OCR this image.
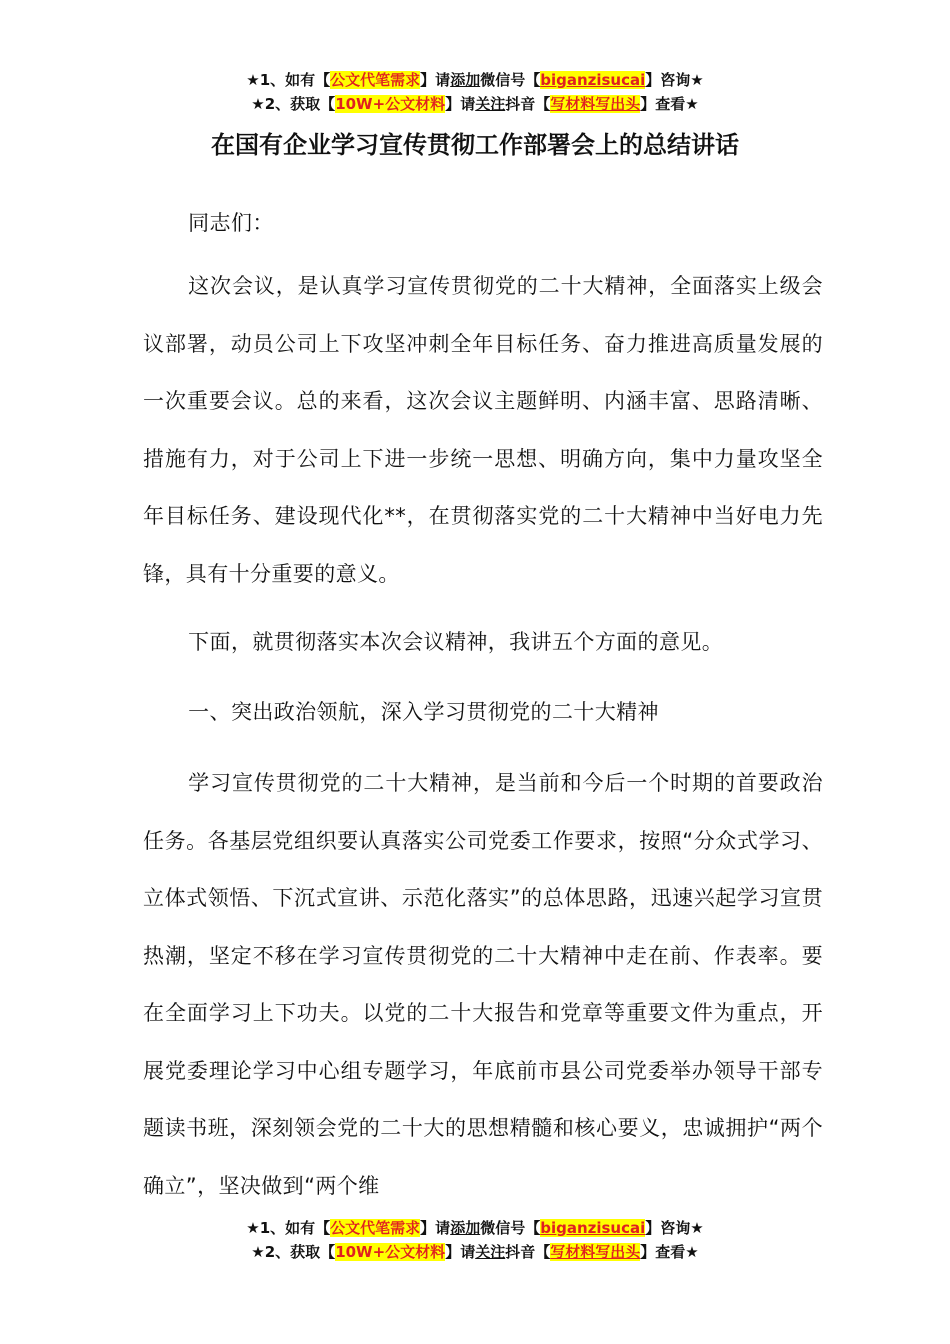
★1、如有【公文代笔需求】请添加微信号【biganzisucai】咨询★
★2、获取【10W+公文材料】请关注抖音【写材料写出头】查看★
在国有企业学习宣传贯彻工作部署会上的总结讲话

同志们：

这次会议，是认真学习宣传贯彻党的二十大精神，全面落实上级会议部署，动员公司上下攻坚冲刺全年目标任务、奋力推进高质量发展的一次重要会议。总的来看，这次会议主题鲜明、内涵丰富、思路清晰、措施有力，对于公司上下进一步统一思想、明确方向，集中力量攻坚全年目标任务、建设现代化**，在贯彻落实党的二十大精神中当好电力先锋，具有十分重要的意义。

下面，就贯彻落实本次会议精神，我讲五个方面的意见。

一、突出政治领航，深入学习贯彻党的二十大精神

学习宣传贯彻党的二十大精神，是当前和今后一个时期的首要政治任务。各基层党组织要认真落实公司党委工作要求，按照“分众式学习、立体式领悟、下沉式宣讲、示范化落实”的总体思路，迅速兴起学习宣贯热潮，坚定不移在学习宣传贯彻党的二十大精神中走在前、作表率。要在全面学习上下功夫。以党的二十大报告和党章等重要文件为重点，开展党委理论学习中心组专题学习，年底前市县公司党委举办领导干部专题读书班，深刻领会党的二十大的思想精髓和核心要义，忠诚拥护“两个确立”，坚决做到“两个维

★1、如有【公文代笔需求】请添加微信号【biganzisucai】咨询★
★2、获取【10W+公文材料】请关注抖音【写材料写出头】查看★
